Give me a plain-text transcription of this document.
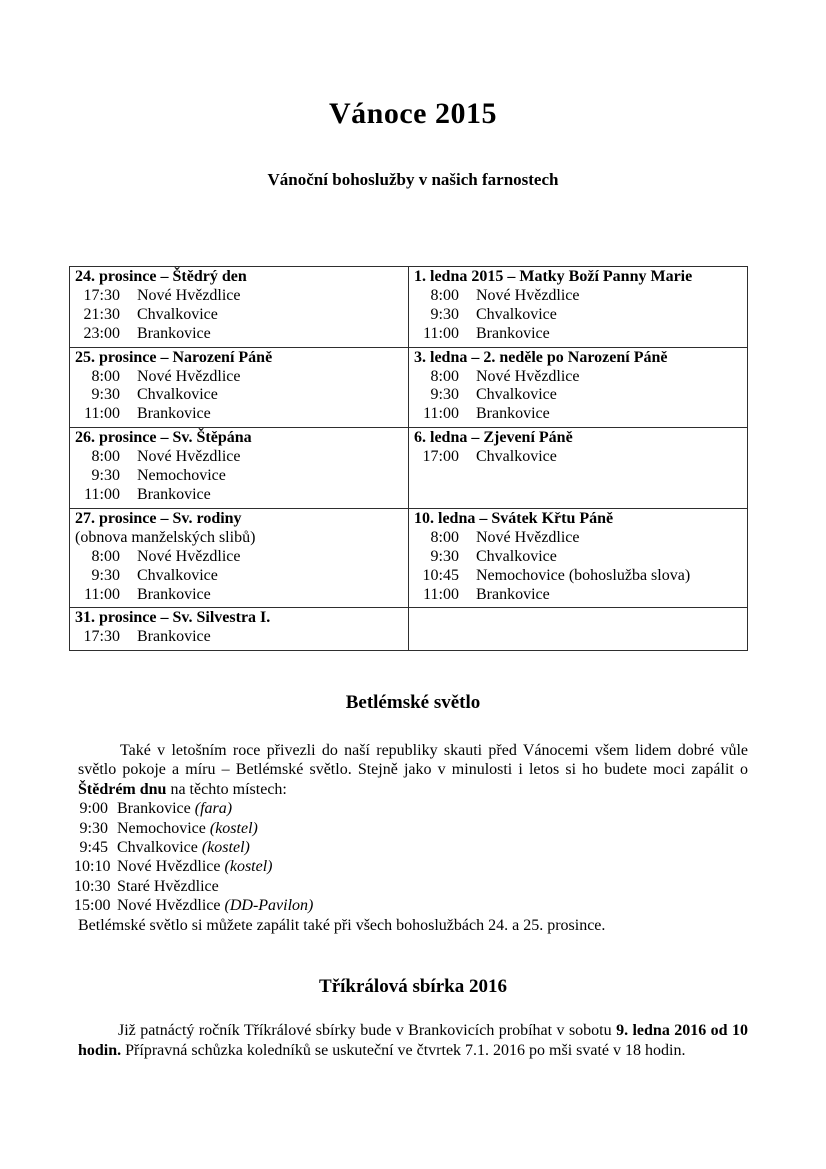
Vánoce 2015
Vánoční bohoslužby v našich farnostech
24. prosince – Štědrý den
17:30 Nové Hvězdlice
21:30 Chvalkovice
23:00 Brankovice

1. ledna 2015 – Matky Boží Panny Marie
8:00 Nové Hvězdlice
9:30 Chvalkovice
11:00 Brankovice

25. prosince – Narození Páně
8:00 Nové Hvězdlice
9:30 Chvalkovice
11:00 Brankovice

3. ledna – 2. neděle po Narození Páně
8:00 Nové Hvězdlice
9:30 Chvalkovice
11:00 Brankovice

26. prosince – Sv. Štěpána
8:00 Nové Hvězdlice
9:30 Nemochovice
11:00 Brankovice

6. ledna – Zjevení Páně
17:00 Chvalkovice

27. prosince – Sv. rodiny
(obnova manželských slibů)
8:00 Nové Hvězdlice
9:30 Chvalkovice
11:00 Brankovice

10. ledna – Svátek Křtu Páně
8:00 Nové Hvězdlice
9:30 Chvalkovice
10:45 Nemochovice (bohoslužba slova)
11:00 Brankovice

31. prosince – Sv. Silvestra I.
17:30 Brankovice	

Betlémské světlo
Také v letošním roce přivezli do naší republiky skauti před Vánocemi všem lidem dobré vůle světlo pokoje a míru – Betlémské světlo. Stejně jako v minulosti i letos si ho budete moci zapálit o Štědrém dnu na těchto místech:
9:00 Brankovice (fara)
9:30 Nemochovice (kostel)
9:45 Chvalkovice (kostel)
10:10 Nové Hvězdlice (kostel)
10:30 Staré Hvězdlice
15:00 Nové Hvězdlice (DD-Pavilon)
Betlémské světlo si můžete zapálit také při všech bohoslužbách 24. a 25. prosince.
Tříkrálová sbírka 2016
Již patnáctý ročník Tříkrálové sbírky bude v Brankovicích probíhat v sobotu 9. ledna 2016 od 10 hodin. Přípravná schůzka koledníků se uskuteční ve čtvrtek 7.1. 2016 po mši svaté v 18 hodin.
